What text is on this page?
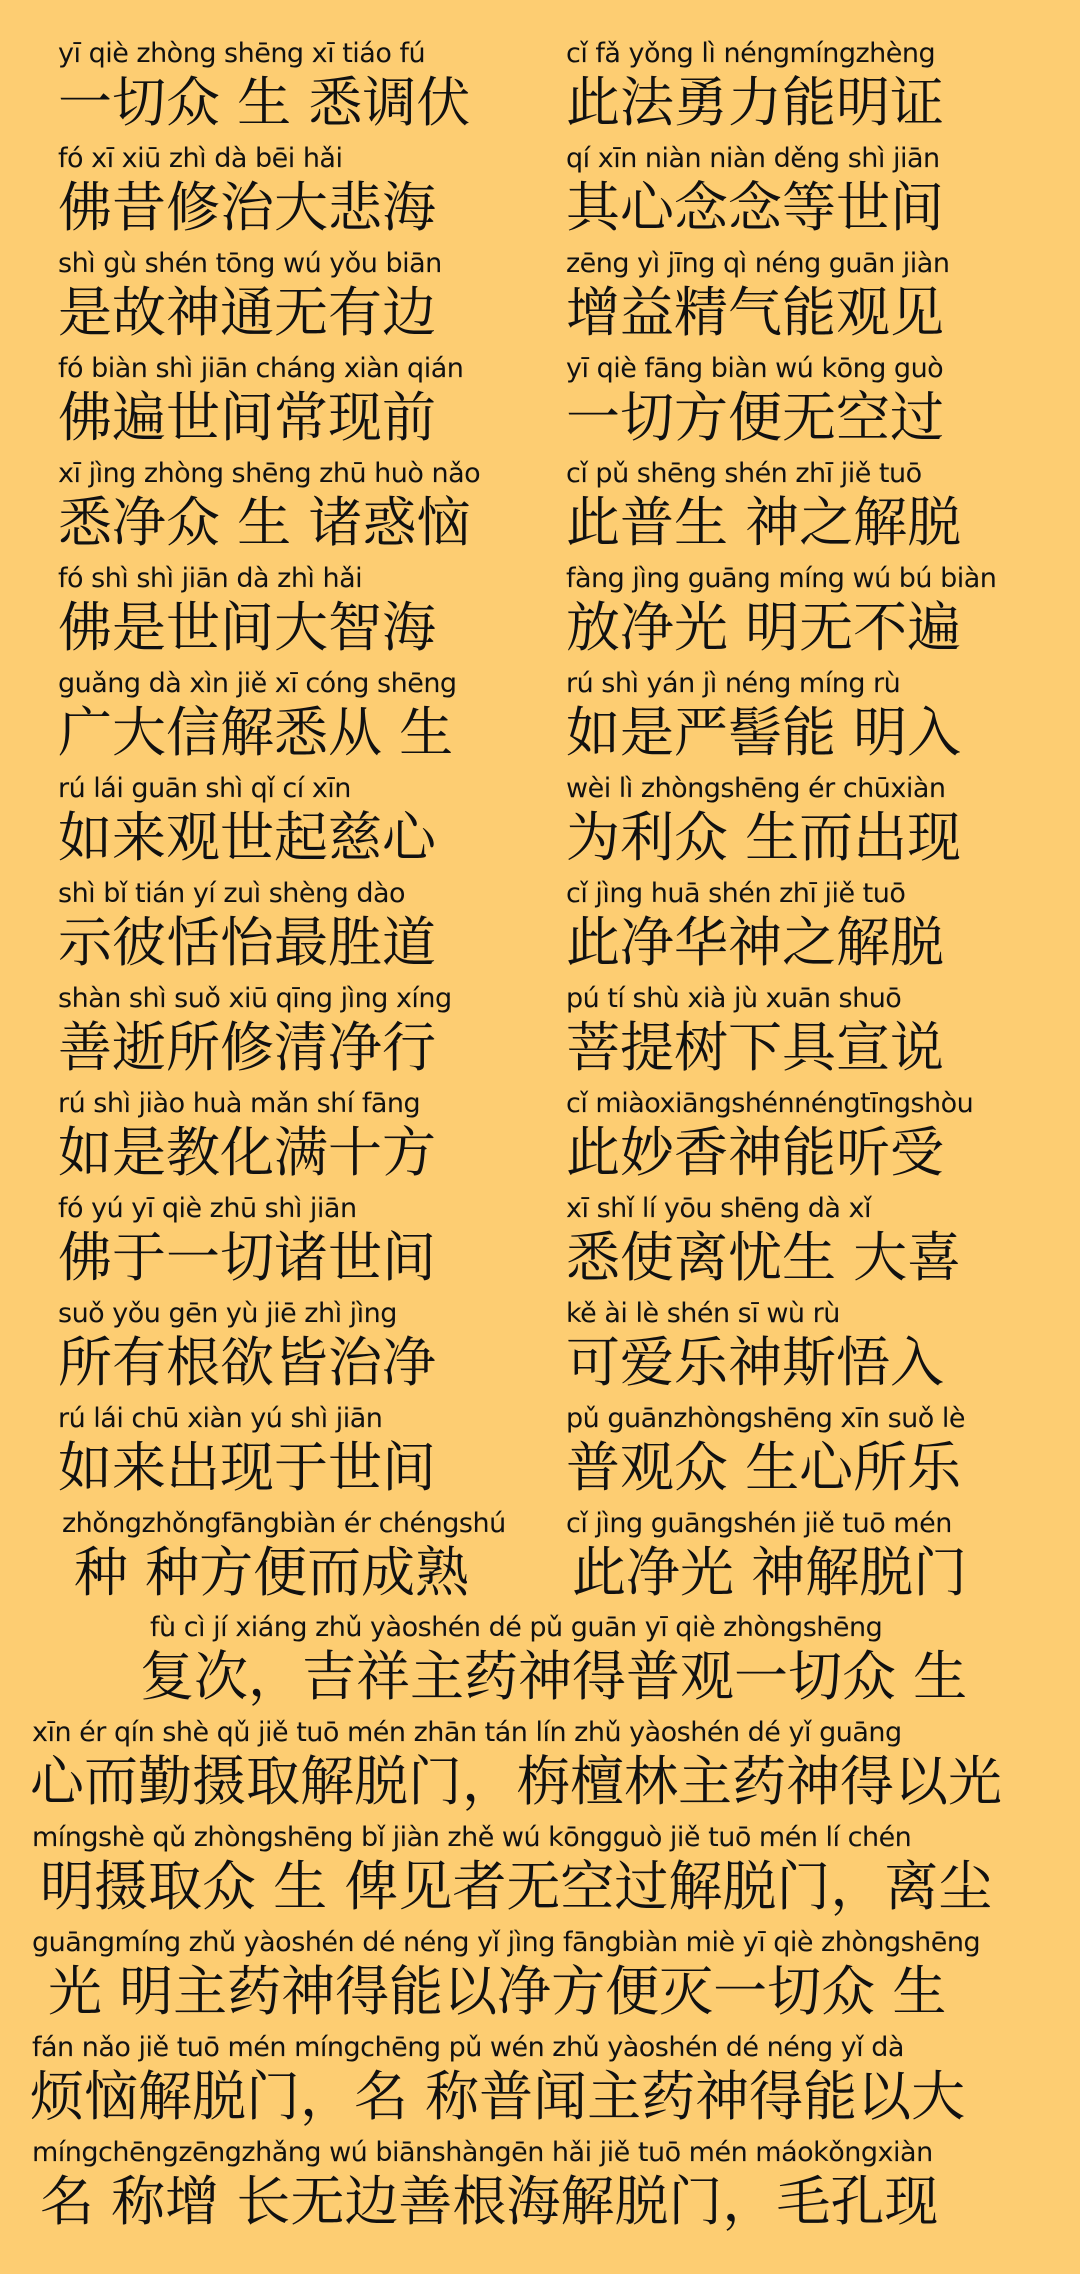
yī qiè zhòng shēng xī tiáo fú
一切众 生 悉调伏
cǐ fǎ yǒng lì néngmíngzhèng
此法勇力能明证
fó xī xiū zhì dà bēi hǎi
佛昔修治大悲海
qí xīn niàn niàn děng shì jiān
其心念念等世间
shì gù shén tōng wú yǒu biān
是故神通无有边
zēng yì jīng qì néng guān jiàn
增益精气能观见
fó biàn shì jiān cháng xiàn qián
佛遍世间常现前
yī qiè fāng biàn wú kōng guò
一切方便无空过
xī jìng zhòng shēng zhū huò nǎo
悉净众 生 诸惑恼
cǐ pǔ shēng shén zhī jiě tuō
此普生 神之解脱
fó shì shì jiān dà zhì hǎi
佛是世间大智海
fàng jìng guāng míng wú bú biàn
放净光 明无不遍
guǎng dà xìn jiě xī cóng shēng
广大信解悉从 生
rú shì yán jì néng míng rù
如是严髻能 明入
rú lái guān shì qǐ cí xīn
如来观世起慈心
wèi lì zhòngshēng ér chūxiàn
为利众 生而出现
shì bǐ tián yí zuì shèng dào
示彼恬怡最胜道
cǐ jìng huā shén zhī jiě tuō
此净华神之解脱
shàn shì suǒ xiū qīng jìng xíng
善逝所修清净行
pú tí shù xià jù xuān shuō
菩提树下具宣说
rú shì jiào huà mǎn shí fāng
如是教化满十方
cǐ miàoxiāngshénnéngtīngshòu
此妙香神能听受
fó yú yī qiè zhū shì jiān
佛于一切诸世间
xī shǐ lí yōu shēng dà xǐ
悉使离忧生 大喜
suǒ yǒu gēn yù jiē zhì jìng
所有根欲皆治净
kě ài lè shén sī wù rù
可爱乐神斯悟入
rú lái chū xiàn yú shì jiān
如来出现于世间
pǔ guānzhòngshēng xīn suǒ lè
普观众 生心所乐
zhǒngzhǒngfāngbiàn ér chéngshú
种 种方便而成熟
cǐ jìng guāngshén jiě tuō mén
此净光 神解脱门
fù cì jí xiáng zhǔ yàoshén dé pǔ guān yī qiè zhòngshēng
复次，吉祥主药神得普观一切众 生
xīn ér qín shè qǔ jiě tuō mén zhān tán lín zhǔ yàoshén dé yǐ guāng
心而勤摄取解脱门，栴檀林主药神得以光
míngshè qǔ zhòngshēng bǐ jiàn zhě wú kōngguò jiě tuō mén lí chén
明摄取众 生 俾见者无空过解脱门，离尘
guāngmíng zhǔ yàoshén dé néng yǐ jìng fāngbiàn miè yī qiè zhòngshēng
光 明主药神得能以净方便灭一切众 生
fán nǎo jiě tuō mén míngchēng pǔ wén zhǔ yàoshén dé néng yǐ dà
烦恼解脱门，名 称普闻主药神得能以大
míngchēngzēngzhǎng wú biānshàngēn hǎi jiě tuō mén máokǒngxiàn
名 称增 长无边善根海解脱门，毛孔现
